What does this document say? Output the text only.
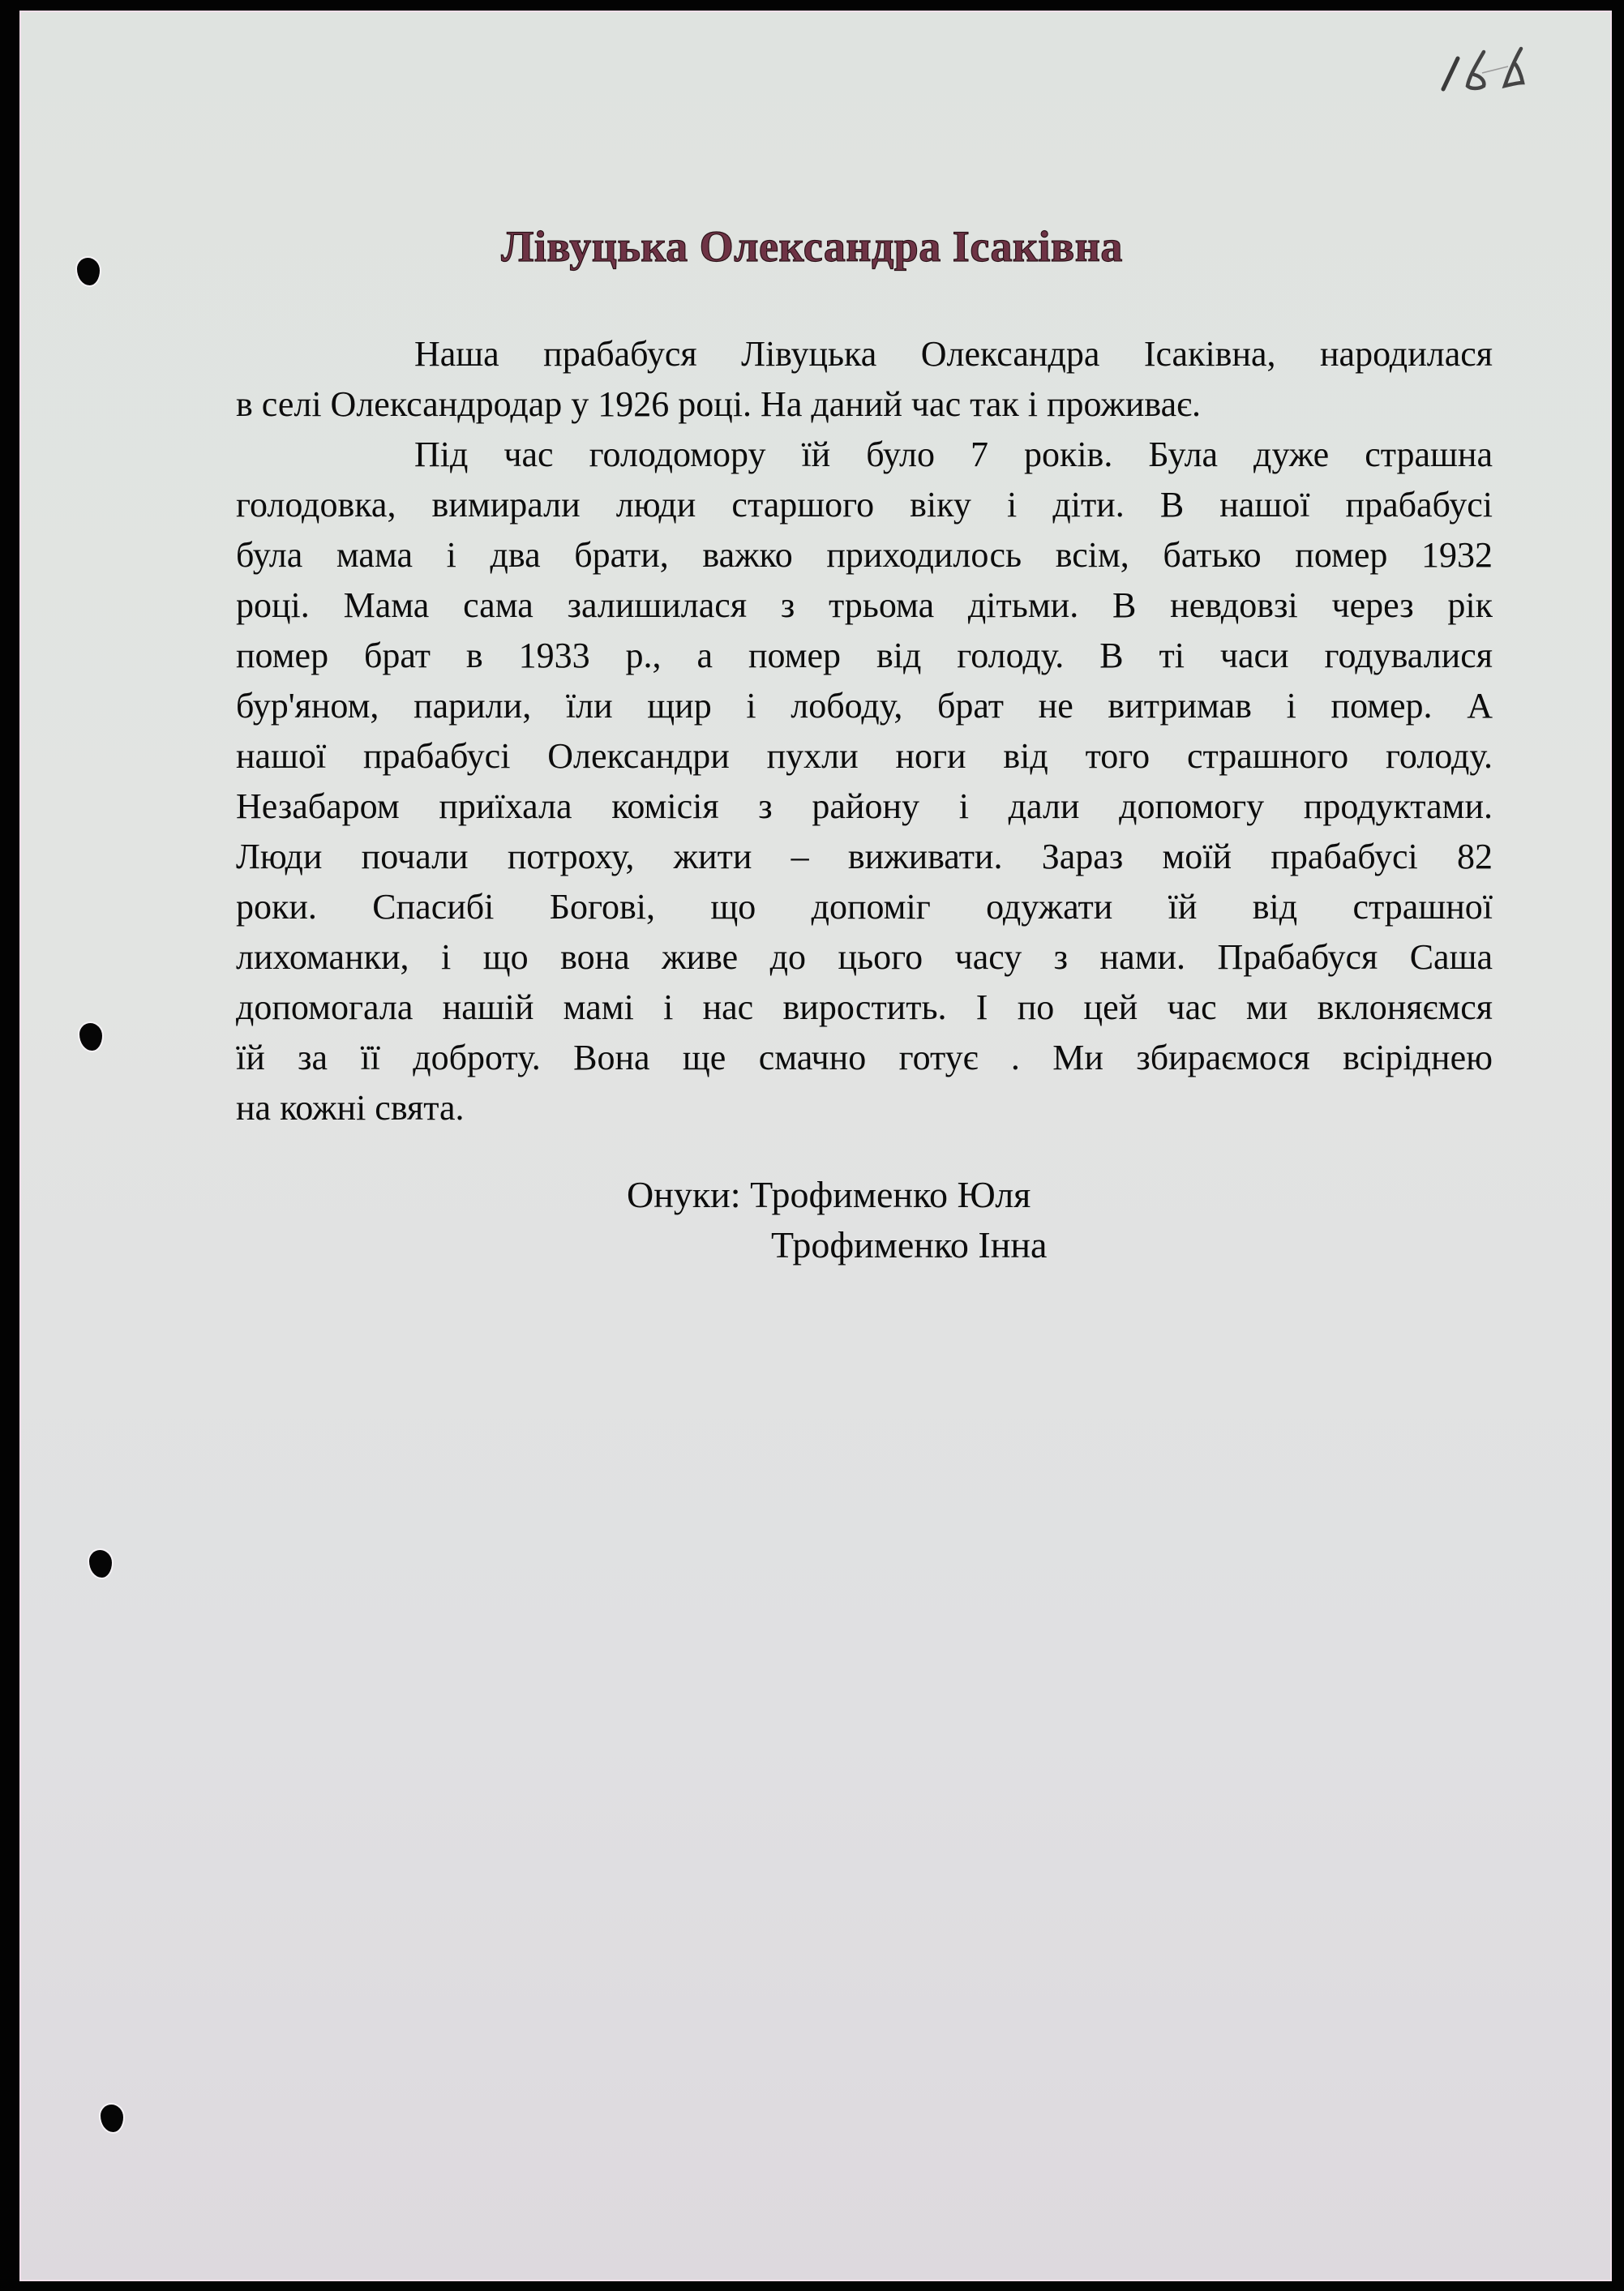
Лівуцька Олександра Ісаківна
Наша прабабуся Лівуцька Олександра Ісаківна, народилася
в селі Олександродар у 1926 році. На даний час так і проживає.
Під час голодомору їй було 7 років. Була дуже страшна
голодовка, вимирали люди старшого віку і діти. В нашої прабабусі
була мама і два брати, важко приходилось всім, батько помер 1932
році. Мама сама залишилася з трьома дітьми. В невдовзі через рік
помер брат в 1933 р., а помер від голоду. В ті часи годувалися
бур'яном, парили, їли щир і лободу, брат не витримав і помер. А
нашої прабабусі Олександри пухли ноги від того страшного голоду.
Незабаром приїхала комісія з району і дали допомогу продуктами.
Люди почали потроху, жити – виживати. Зараз моїй прабабусі 82
роки. Спасибі Богові, що допоміг одужати їй від страшної
лихоманки, і що вона живе до цього часу з нами. Прабабуся Саша
допомогала нашій мамі і нас виростить. І по цей час ми вклоняємся
їй за її доброту. Вона ще смачно готує . Ми збираємося всіріднею
на кожні свята.
Онуки: Трофименко Юля
Трофименко Інна
